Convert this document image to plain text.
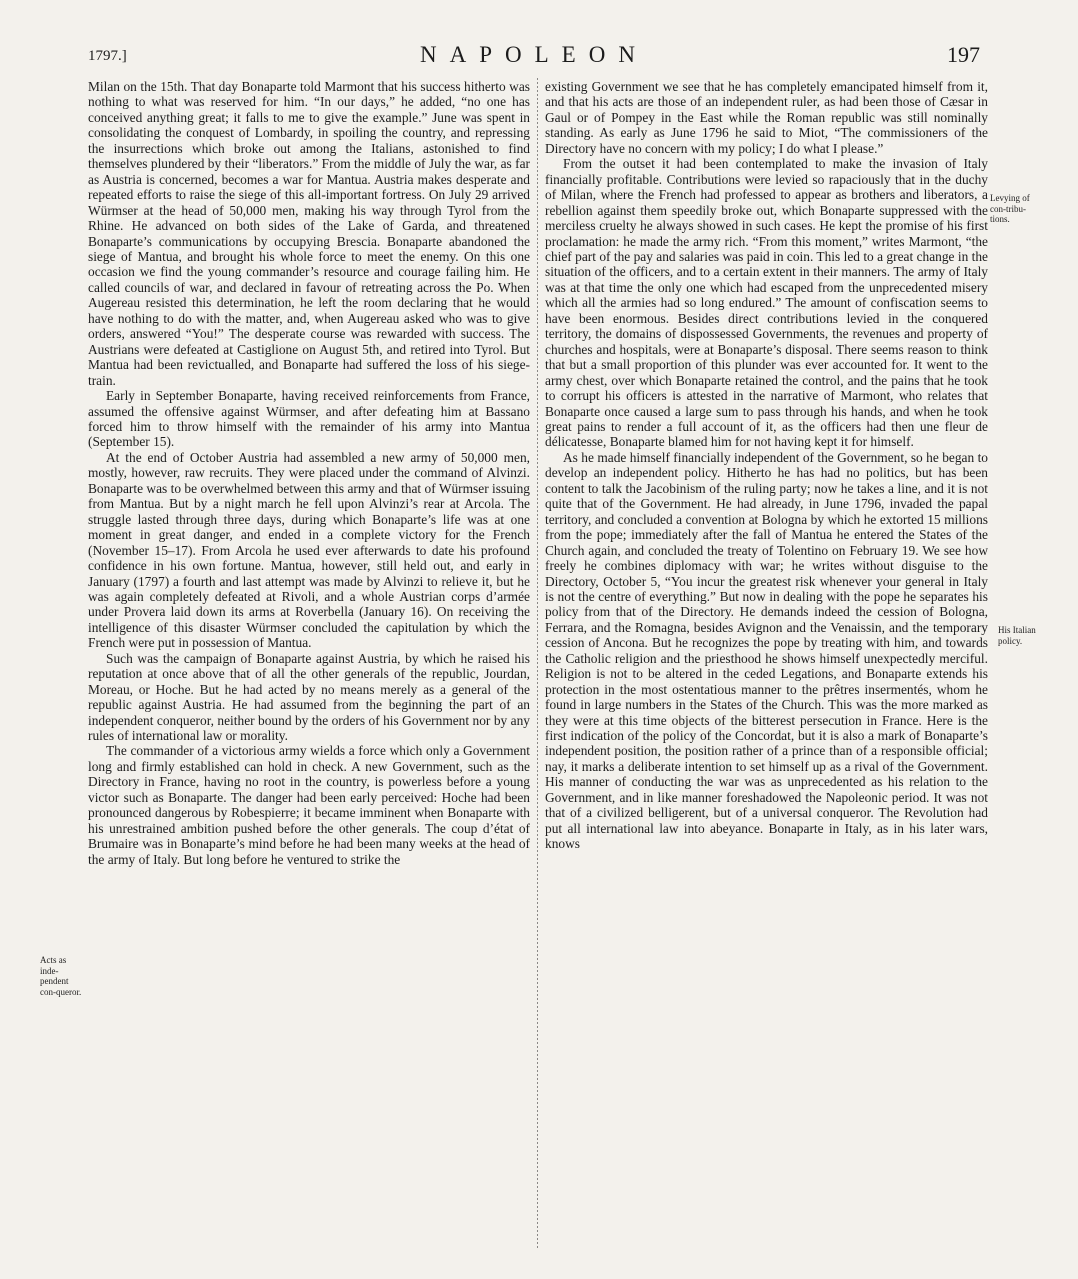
1797.]	NAPOLEON	197

Milan on the 15th. That day Bonaparte told Marmont that his success hitherto was nothing to what was reserved for him. “In our days,” he added, “no one has conceived anything great; it falls to me to give the example.” June was spent in consolidating the conquest of Lombardy, in spoiling the country, and repressing the insurrections which broke out among the Italians, astonished to find themselves plundered by their “liberators.” From the middle of July the war, as far as Austria is concerned, becomes a war for Mantua. Austria makes desperate and repeated efforts to raise the siege of this all-important fortress. On July 29 arrived Würmser at the head of 50,000 men, making his way through Tyrol from the Rhine. He advanced on both sides of the Lake of Garda, and threatened Bonaparte’s communications by occupying Brescia. Bonaparte abandoned the siege of Mantua, and brought his whole force to meet the enemy. On this one occasion we find the young commander’s resource and courage failing him. He called councils of war, and declared in favour of retreating across the Po. When Augereau resisted this determination, he left the room declaring that he would have nothing to do with the matter, and, when Augereau asked who was to give orders, answered “You!” The desperate course was rewarded with success. The Austrians were defeated at Castiglione on August 5th, and retired into Tyrol. But Mantua had been revictualled, and Bonaparte had suffered the loss of his siege-train.

Early in September Bonaparte, having received reinforcements from France, assumed the offensive against Würmser, and after defeating him at Bassano forced him to throw himself with the remainder of his army into Mantua (September 15).

At the end of October Austria had assembled a new army of 50,000 men, mostly, however, raw recruits. They were placed under the command of Alvinzi. Bonaparte was to be overwhelmed between this army and that of Würmser issuing from Mantua. But by a night march he fell upon Alvinzi’s rear at Arcola. The struggle lasted through three days, during which Bonaparte’s life was at one moment in great danger, and ended in a complete victory for the French (November 15–17). From Arcola he used ever afterwards to date his profound confidence in his own fortune. Mantua, however, still held out, and early in January (1797) a fourth and last attempt was made by Alvinzi to relieve it, but he was again completely defeated at Rivoli, and a whole Austrian corps d’armée under Provera laid down its arms at Roverbella (January 16). On receiving the intelligence of this disaster Würmser concluded the capitulation by which the French were put in possession of Mantua.

Such was the campaign of Bonaparte against Austria, by which he raised his reputation at once above that of all the other generals of the republic, Jourdan, Moreau, or Hoche. But he had acted by no means merely as a general of the republic against Austria. He had assumed from the beginning the part of an independent conqueror, neither bound by the orders of his Government nor by any rules of international law or morality.

The commander of a victorious army wields a force which only a Government long and firmly established can hold in check. A new Government, such as the Directory in France, having no root in the country, is powerless before a young victor such as Bonaparte. The danger had been early perceived: Hoche had been pronounced dangerous by Robespierre; it became imminent when Bonaparte with his unrestrained ambition pushed before the other generals. The coup d’état of Brumaire was in Bonaparte’s mind before he had been many weeks at the head of the army of Italy. But long before he ventured to strike the

existing Government we see that he has completely emancipated himself from it, and that his acts are those of an independent ruler, as had been those of Cæsar in Gaul or of Pompey in the East while the Roman republic was still nominally standing. As early as June 1796 he said to Miot, “The commissioners of the Directory have no concern with my policy; I do what I please.”

From the outset it had been contemplated to make the invasion of Italy financially profitable. Contributions were levied so rapaciously that in the duchy of Milan, where the French had professed to appear as brothers and liberators, a rebellion against them speedily broke out, which Bonaparte suppressed with the merciless cruelty he always showed in such cases. He kept the promise of his first proclamation: he made the army rich. “From this moment,” writes Marmont, “the chief part of the pay and salaries was paid in coin. This led to a great change in the situation of the officers, and to a certain extent in their manners. The army of Italy was at that time the only one which had escaped from the unprecedented misery which all the armies had so long endured.” The amount of confiscation seems to have been enormous. Besides direct contributions levied in the conquered territory, the domains of dispossessed Governments, the revenues and property of churches and hospitals, were at Bonaparte’s disposal. There seems reason to think that but a small proportion of this plunder was ever accounted for. It went to the army chest, over which Bonaparte retained the control, and the pains that he took to corrupt his officers is attested in the narrative of Marmont, who relates that Bonaparte once caused a large sum to pass through his hands, and when he took great pains to render a full account of it, as the officers had then une fleur de délicatesse, Bonaparte blamed him for not having kept it for himself.

As he made himself financially independent of the Government, so he began to develop an independent policy. Hitherto he has had no politics, but has been content to talk the Jacobinism of the ruling party; now he takes a line, and it is not quite that of the Government. He had already, in June 1796, invaded the papal territory, and concluded a convention at Bologna by which he extorted 15 millions from the pope; immediately after the fall of Mantua he entered the States of the Church again, and concluded the treaty of Tolentino on February 19. We see how freely he combines diplomacy with war; he writes without disguise to the Directory, October 5, “You incur the greatest risk whenever your general in Italy is not the centre of everything.” But now in dealing with the pope he separates his policy from that of the Directory. He demands indeed the cession of Bologna, Ferrara, and the Romagna, besides Avignon and the Venaissin, and the temporary cession of Ancona. But he recognizes the pope by treating with him, and towards the Catholic religion and the priesthood he shows himself unexpectedly merciful. Religion is not to be altered in the ceded Legations, and Bonaparte extends his protection in the most ostentatious manner to the prêtres insermentés, whom he found in large numbers in the States of the Church. This was the more marked as they were at this time objects of the bitterest persecution in France. Here is the first indication of the policy of the Concordat, but it is also a mark of Bonaparte’s independent position, the position rather of a prince than of a responsible official; nay, it marks a deliberate intention to set himself up as a rival of the Government. His manner of conducting the war was as unprecedented as his relation to the Government, and in like manner foreshadowed the Napoleonic period. It was not that of a civilized belligerent, but of a universal conqueror. The Revolution had put all international law into abeyance. Bonaparte in Italy, as in his later wars, knows

Acts as inde-pendent con-queror.
Levying of con-tribu-tions.
His Italian policy.
